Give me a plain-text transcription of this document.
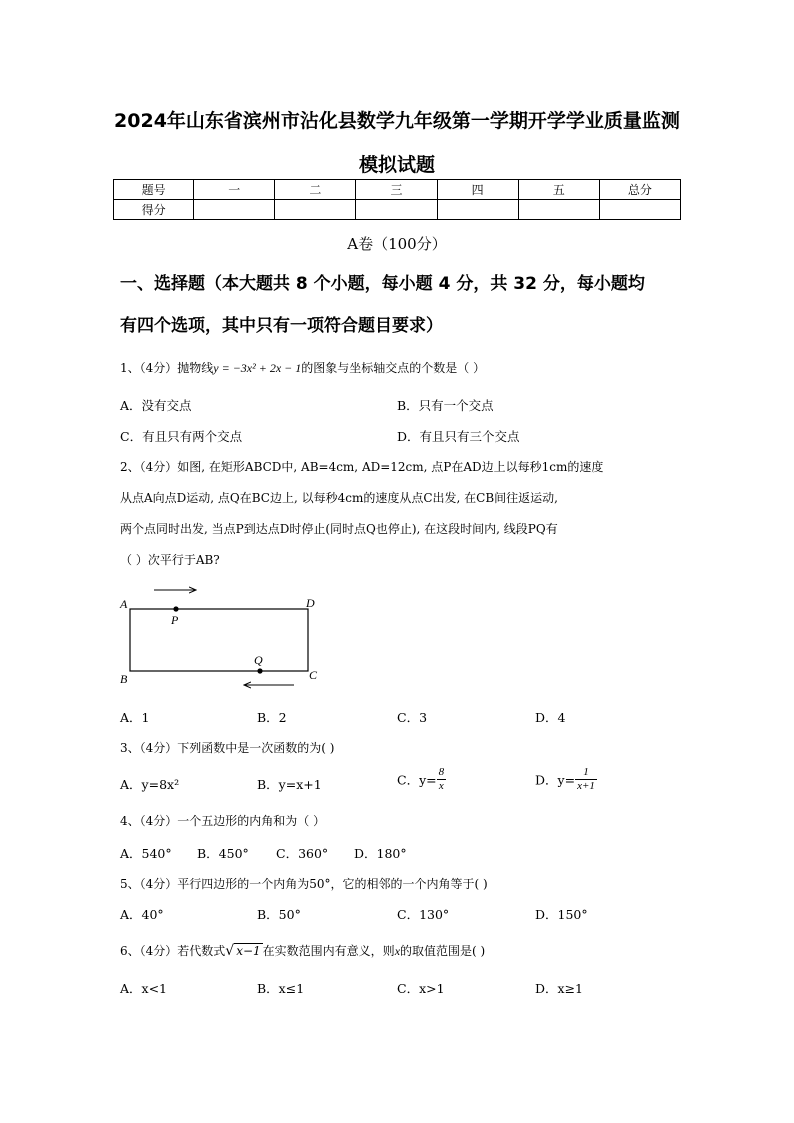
2024年山东省滨州市沾化县数学九年级第一学期开学学业质量监测
模拟试题
题号	一	二	三	四	五	总分
得分						
A卷（100分）
一、选择题（本大题共 8 个小题，每小题 4 分，共 32 分，每小题均
有四个选项，其中只有一项符合题目要求）
1、（4分）抛物线y = −3x² + 2x − 1的图象与坐标轴交点的个数是（ ）
A．没有交点	B．只有一个交点
C．有且只有两个交点	D．有且只有三个交点
2、（4分）如图, 在矩形ABCD中, AB=4cm, AD=12cm, 点P在AD边上以每秒1cm的速度
从点A向点D运动, 点Q在BC边上, 以每秒4cm的速度从点C出发, 在CB间往返运动,
两个点同时出发, 当点P到达点D时停止(同时点Q也停止), 在这段时间内, 线段PQ有
（ ）次平行于AB?
A	D
B	C
P
Q
A．1	B．2	C．3	D．4
3、（4分）下列函数中是一次函数的为( )
A．y=8x²	B．y=x+1	C．$y= \frac{8}{x}$	D．$y= \frac{1}{x+1}$
4、（4分）一个五边形的内角和为（ ）
A．540° B．450° C．360° D．180°
5、（4分）平行四边形的一个内角为50°，它的相邻的一个内角等于( )
A．40°	B．50°	C．130°	D．150°
6、（4分）若代数式√ x−1 在实数范围内有意义，则x的取值范围是( )
A．x<1	B．x≤1	C．x>1	D．x≥1
